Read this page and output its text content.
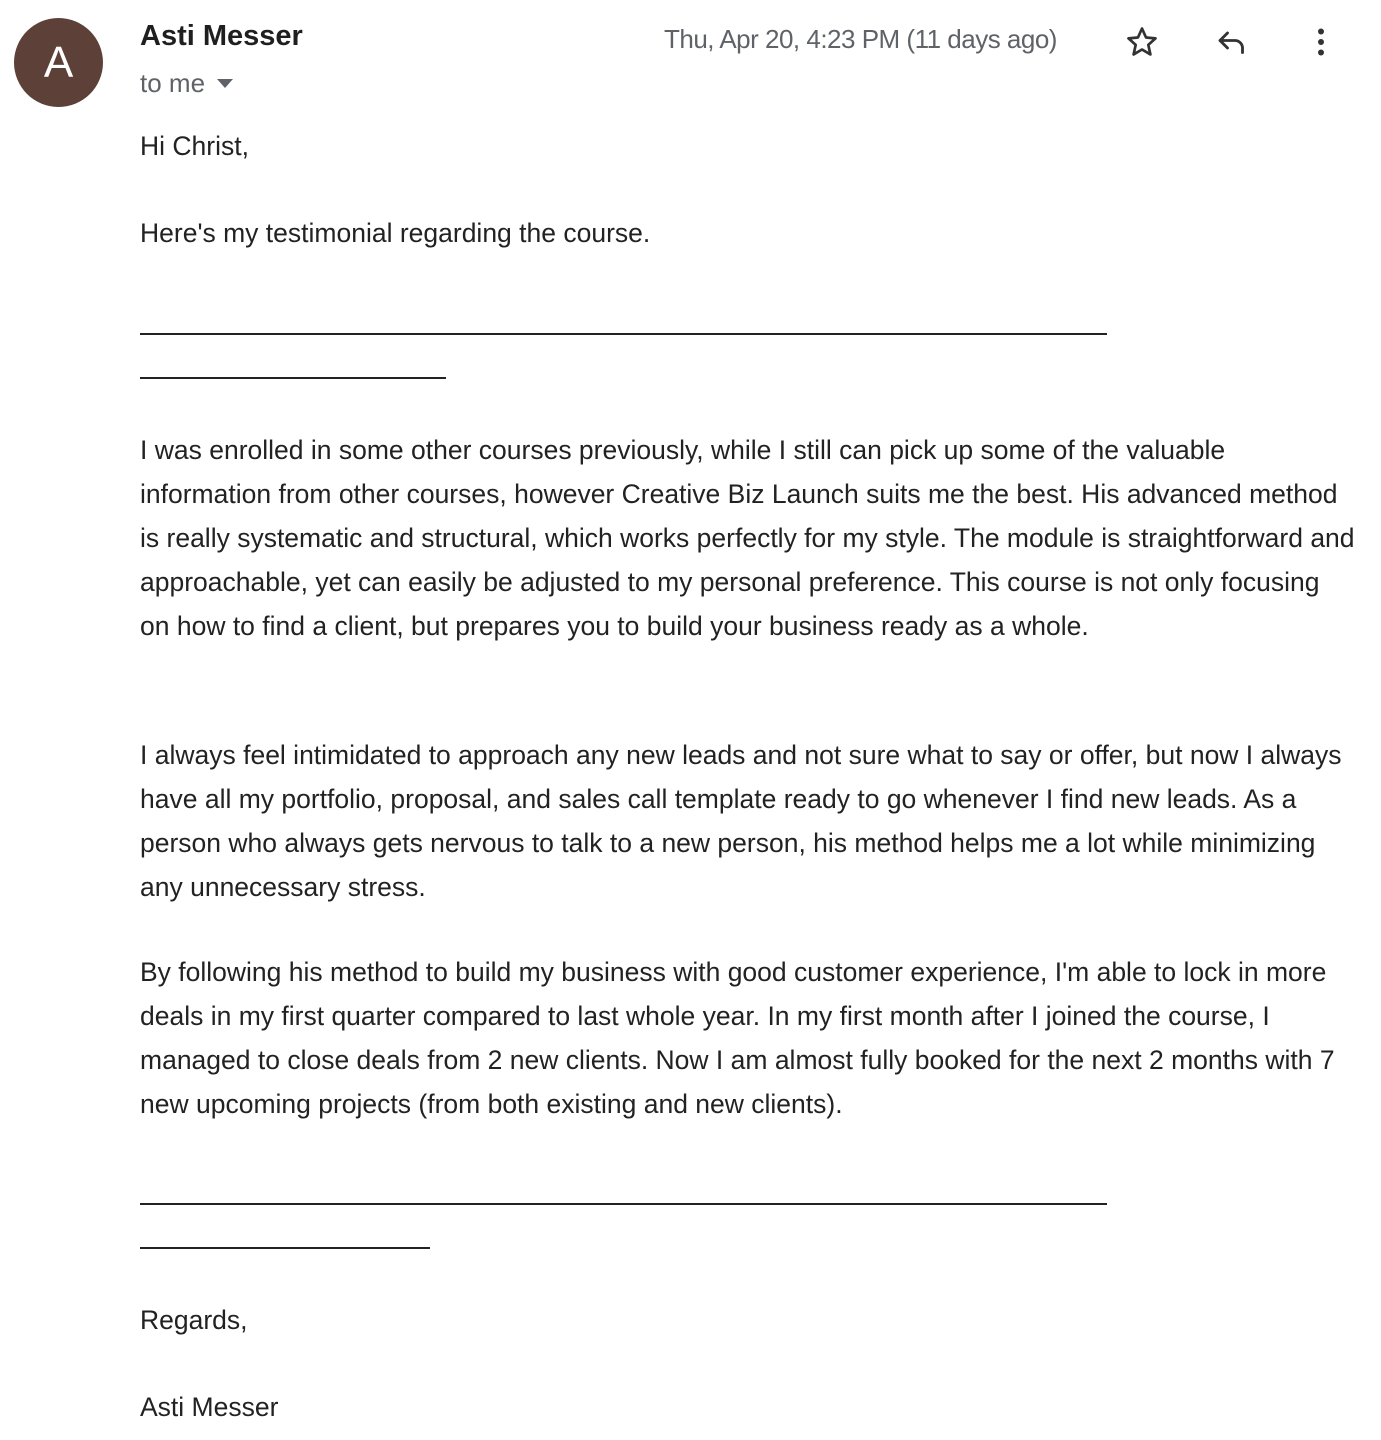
A
Asti Messer
to me
Thu, Apr 20, 4:23 PM (11 days ago)
Hi Christ,
Here's my testimonial regarding the course.
I was enrolled in some other courses previously, while I still can pick up some of the valuable information from other courses, however Creative Biz Launch suits me the best. His advanced method is really systematic and structural, which works perfectly for my style. The module is straightforward and approachable, yet can easily be adjusted to my personal preference. This course is not only focusing on how to find a client, but prepares you to build your business ready as a whole.
I always feel intimidated to approach any new leads and not sure what to say or offer, but now I always have all my portfolio, proposal, and sales call template ready to go whenever I find new leads. As a person who always gets nervous to talk to a new person, his method helps me a lot while minimizing any unnecessary stress.
By following his method to build my business with good customer experience, I'm able to lock in more deals in my first quarter compared to last whole year. In my first month after I joined the course, I managed to close deals from 2 new clients. Now I am almost fully booked for the next 2 months with 7 new upcoming projects (from both existing and new clients).
Regards,
Asti Messer
